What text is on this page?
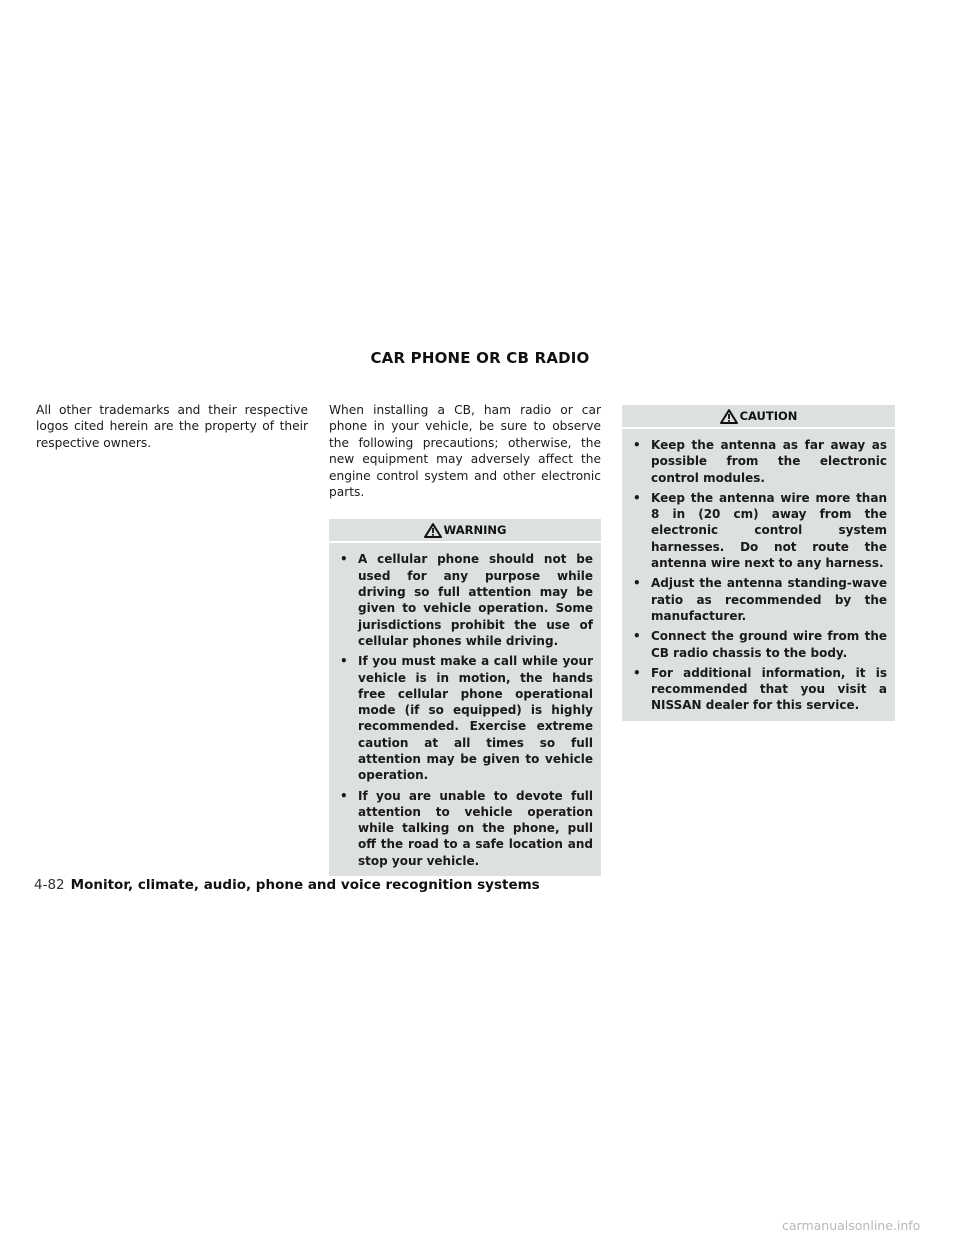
CAR PHONE OR CB RADIO

All other trademarks and their respective logos cited herein are the property of their respective owners.

When installing a CB, ham radio or car phone in your vehicle, be sure to observe the following precautions; otherwise, the new equipment may adversely affect the engine control system and other electronic parts.

WARNING
• A cellular phone should not be used for any purpose while driving so full attention may be given to vehicle operation. Some jurisdictions prohibit the use of cellular phones while driving.
• If you must make a call while your vehicle is in motion, the hands free cellular phone operational mode (if so equipped) is highly recommended. Exercise extreme caution at all times so full attention may be given to vehicle operation.
• If you are unable to devote full attention to vehicle operation while talking on the phone, pull off the road to a safe location and stop your vehicle.
CAUTION
• Keep the antenna as far away as possible from the electronic control modules.
• Keep the antenna wire more than 8 in (20 cm) away from the electronic control system harnesses. Do not route the antenna wire next to any harness.
• Adjust the antenna standing-wave ratio as recommended by the manufacturer.
• Connect the ground wire from the CB radio chassis to the body.
• For additional information, it is recommended that you visit a NISSAN dealer for this service.
4-82 Monitor, climate, audio, phone and voice recognition systems
carmanualsonline.info
